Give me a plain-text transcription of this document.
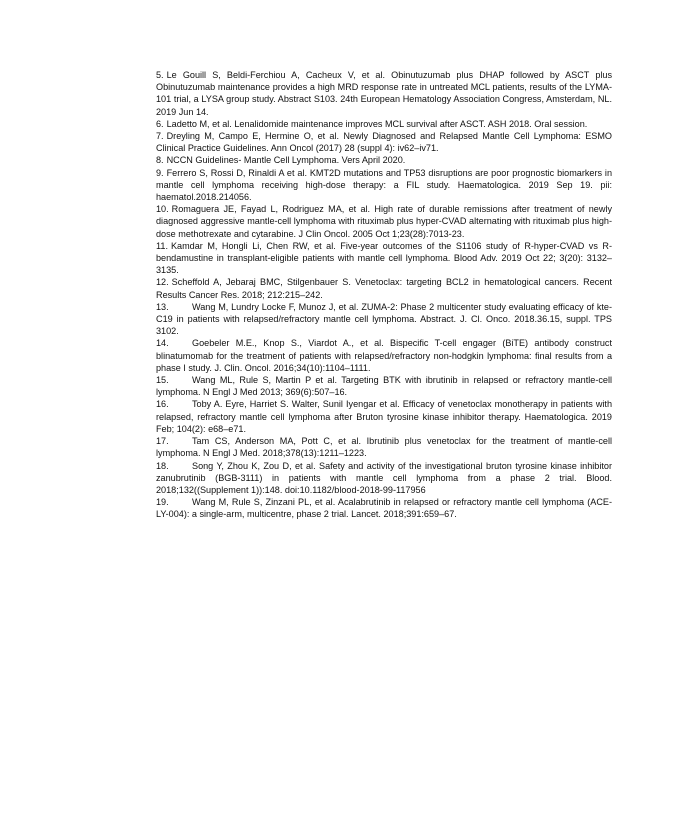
5. Le Gouill S, Beldi-Ferchiou A, Cacheux V, et al. Obinutuzumab plus DHAP followed by ASCT plus Obinutuzumab maintenance provides a high MRD response rate in untreated MCL patients, results of the LYMA-101 trial, a LYSA group study. Abstract S103. 24th European Hematology Association Congress, Amsterdam, NL. 2019 Jun 14.

6. Ladetto M, et al. Lenalidomide maintenance improves MCL survival after ASCT. ASH 2018. Oral session.

7. Dreyling M, Campo E, Hermine O, et al. Newly Diagnosed and Relapsed Mantle Cell Lymphoma: ESMO Clinical Practice Guidelines. Ann Oncol (2017) 28 (suppl 4): iv62–iv71.

8. NCCN Guidelines- Mantle Cell Lymphoma. Vers April 2020.

9. Ferrero S, Rossi D, Rinaldi A et al. KMT2D mutations and TP53 disruptions are poor prognostic biomarkers in mantle cell lymphoma receiving high-dose therapy: a FIL study. Haematologica. 2019 Sep 19. pii: haematol.2018.214056.

10. Romaguera JE, Fayad L, Rodriguez MA, et al. High rate of durable remissions after treatment of newly diagnosed aggressive mantle-cell lymphoma with rituximab plus hyper-CVAD alternating with rituximab plus high-dose methotrexate and cytarabine. J Clin Oncol. 2005 Oct 1;23(28):7013-23.

11. Kamdar M, Hongli Li, Chen RW, et al. Five-year outcomes of the S1106 study of R-hyper-CVAD vs R-bendamustine in transplant-eligible patients with mantle cell lymphoma. Blood Adv. 2019 Oct 22; 3(20): 3132–3135.

12. Scheffold A, Jebaraj BMC, Stilgenbauer S. Venetoclax: targeting BCL2 in hematological cancers. Recent Results Cancer Res. 2018; 212:215–242.

13.	Wang M, Lundry Locke F, Munoz J, et al. ZUMA-2: Phase 2 multicenter study evaluating efficacy of kte-C19 in patients with relapsed/refractory mantle cell lymphoma. Abstract. J. Cl. Onco. 2018.36.15, suppl. TPS 3102.

14.	Goebeler M.E., Knop S., Viardot A., et al. Bispecific T-cell engager (BiTE) antibody construct blinatumomab for the treatment of patients with relapsed/refractory non-hodgkin lymphoma: final results from a phase I study. J. Clin. Oncol. 2016;34(10):1104–1111.

15.	Wang ML, Rule S, Martin P et al. Targeting BTK with ibrutinib in relapsed or refractory mantle-cell lymphoma. N Engl J Med 2013; 369(6):507–16.

16.	Toby A. Eyre, Harriet S. Walter, Sunil Iyengar et al. Efficacy of venetoclax monotherapy in patients with relapsed, refractory mantle cell lymphoma after Bruton tyrosine kinase inhibitor therapy. Haematologica. 2019 Feb; 104(2): e68–e71.

17.	Tam CS, Anderson MA, Pott C, et al. Ibrutinib plus venetoclax for the treatment of mantle-cell lymphoma. N Engl J Med. 2018;378(13):1211–1223.

18.	Song Y, Zhou K, Zou D, et al. Safety and activity of the investigational bruton tyrosine kinase inhibitor zanubrutinib (BGB-3111) in patients with mantle cell lymphoma from a phase 2 trial. Blood. 2018;132((Supplement 1)):148. doi:10.1182/blood-2018-99-117956

19.	Wang M, Rule S, Zinzani PL, et al. Acalabrutinib in relapsed or refractory mantle cell lymphoma (ACE-LY-004): a single-arm, multicentre, phase 2 trial. Lancet. 2018;391:659–67.
